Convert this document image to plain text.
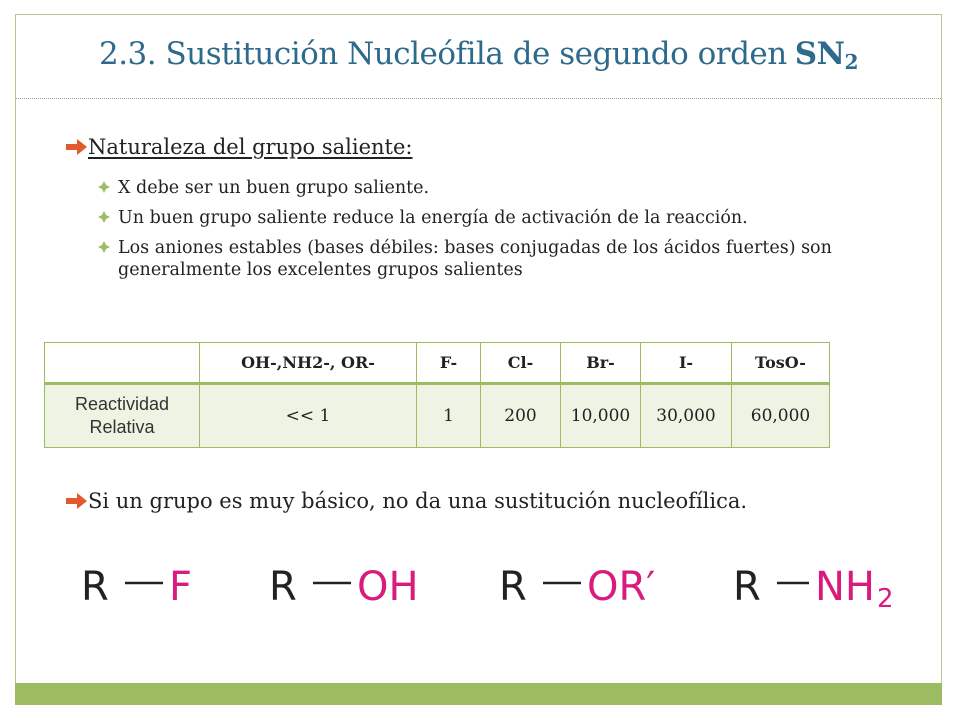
2.3. Sustitución Nucleófila de segundo orden $SN_2$
Naturaleza del grupo saliente:
X debe ser un buen grupo saliente.
Un buen grupo saliente reduce la energía de activación de la reacción.
Los aniones estables (bases débiles: bases conjugadas de los ácidos fuertes) son generalmente los excelentes grupos salientes
	OH-,NH2-, OR-	F-	Cl-	Br-	I-	TosO-
Reactividad
Relativa	<< 1	1	200	10,000	30,000	60,000
Si un grupo es muy básico, no da una sustitución nucleofílica.
R F R OH R OR′ R NH 2
